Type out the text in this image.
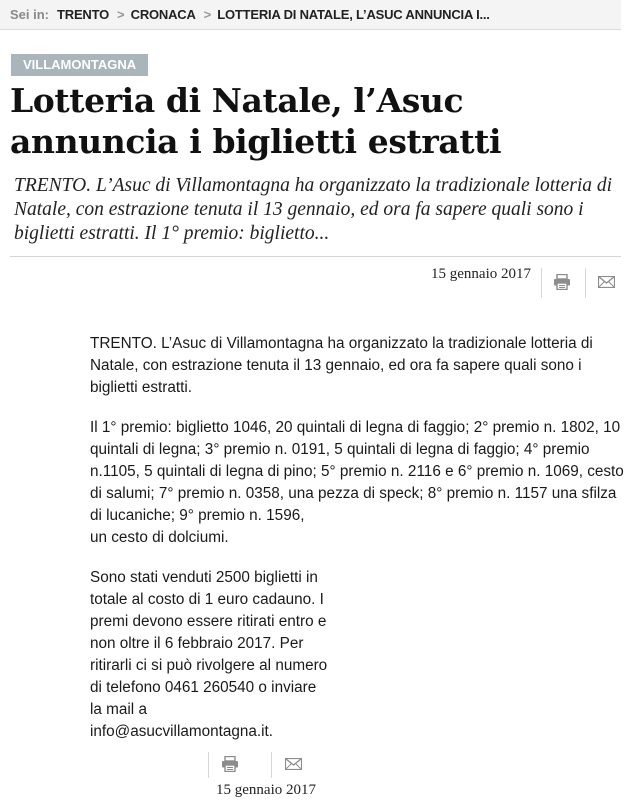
Sei in: TRENTO > CRONACA > LOTTERIA DI NATALE, L’ASUC ANNUNCIA I...
VILLAMONTAGNA
Lotteria di Natale, l’Asuc annuncia i biglietti estratti

TRENTO. L’Asuc di Villamontagna ha organizzato la tradizionale lotteria di Natale, con estrazione tenuta il 13 gennaio, ed ora fa sapere quali sono i biglietti estratti. Il 1° premio: biglietto...

15 gennaio 2017

TRENTO. L’Asuc di Villamontagna ha organizzato la tradizionale lotteria di Natale, con estrazione tenuta il 13 gennaio, ed ora fa sapere quali sono i biglietti estratti.

Il 1° premio: biglietto 1046, 20 quintali di legna di faggio; 2° premio n. 1802, 10 quintali di legna; 3° premio n. 0191, 5 quintali di legna di faggio; 4° premio n.1105, 5 quintali di legna di pino; 5° premio n. 2116 e 6° premio n. 1069, cesto di salumi; 7° premio n. 0358, una pezza di speck; 8° premio n. 1157 una sfilza di lucaniche; 9° premio n. 1596,
un cesto di dolciumi.

Sono stati venduti 2500 biglietti in totale al costo di 1 euro cadauno. I premi devono essere ritirati entro e non oltre il 6 febbraio 2017. Per ritirarli ci si può rivolgere al numero di telefono 0461 260540 o inviare la mail a info@asucvillamontagna.it.

15 gennaio 2017
